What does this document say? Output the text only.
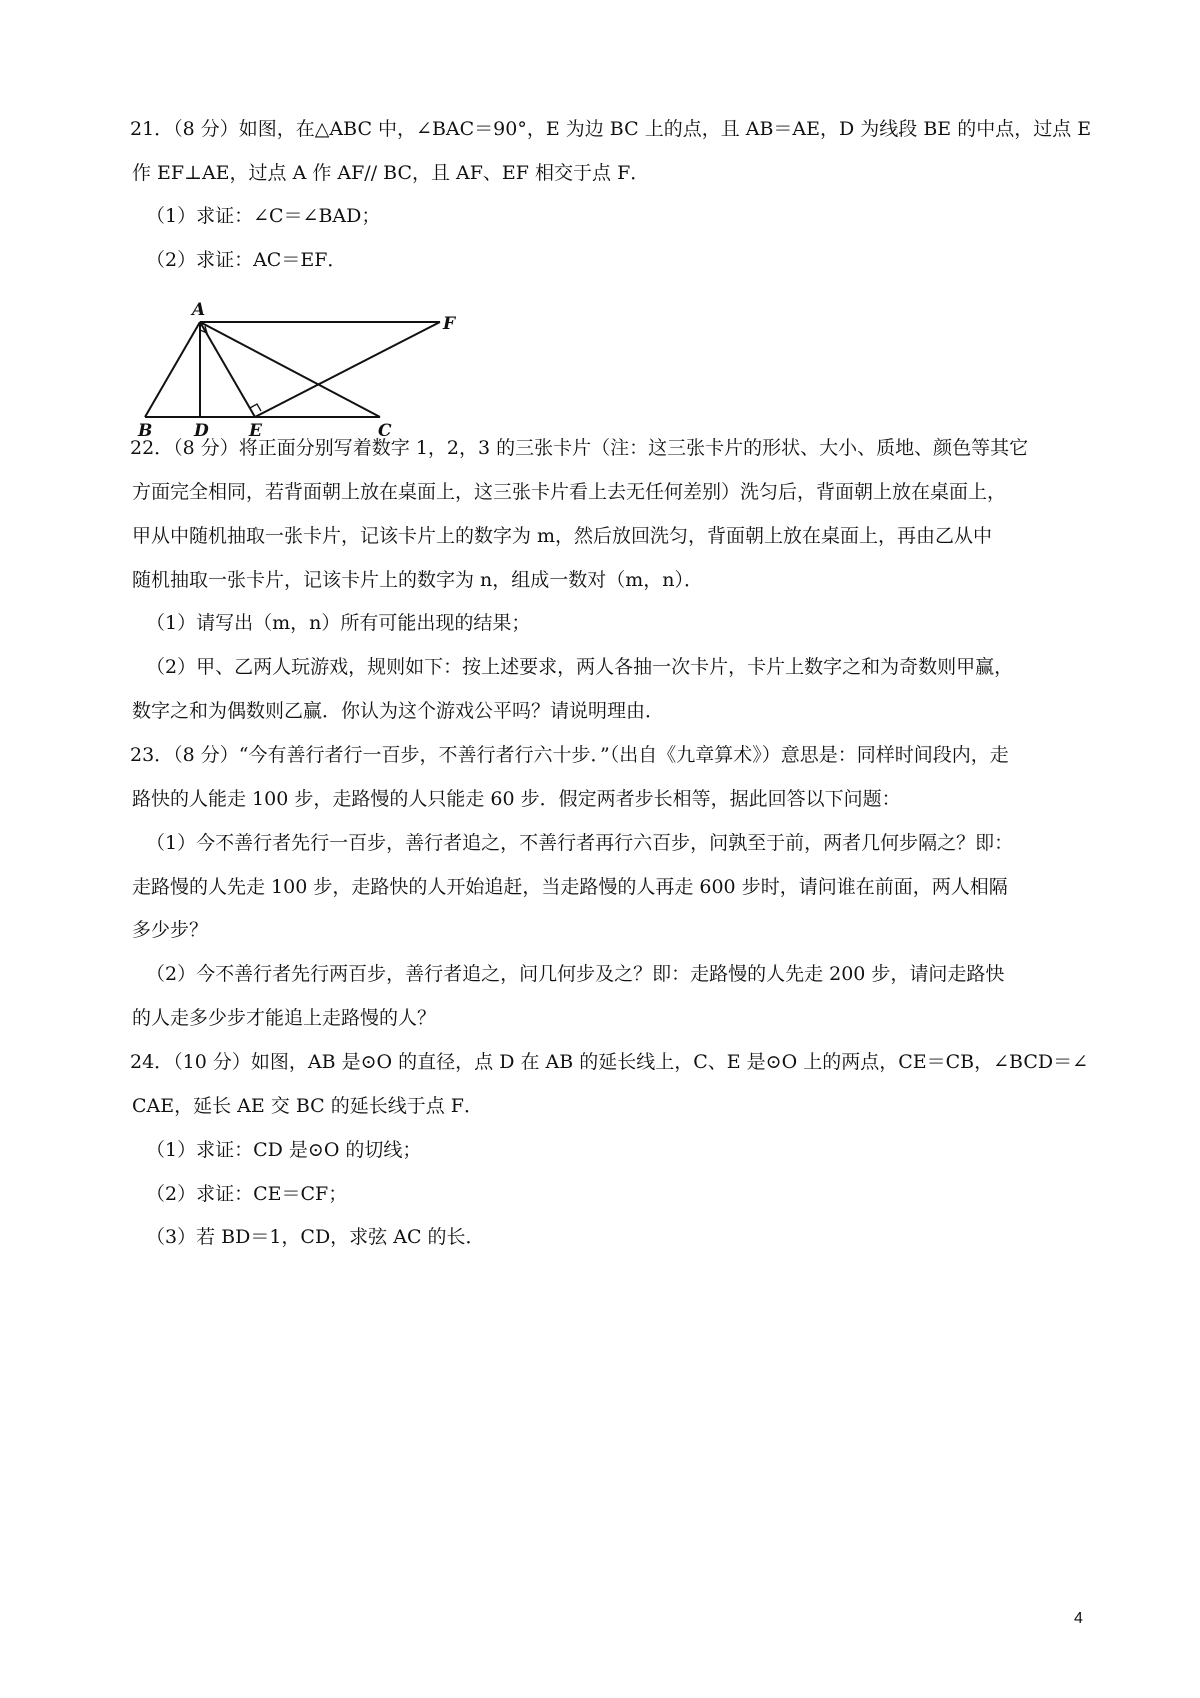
21．（8 分）如图，在△ABC 中，∠BAC＝90°，E 为边 BC 上的点，且 AB＝AE，D 为线段 BE 的中点，过点 E
作 EF⊥AE，过点 A 作 AF// BC，且 AF、EF 相交于点 F．
（1）求证：∠C＝∠BAD；
（2）求证：AC＝EF．
A
F
B D E	C
22．（8 分）将正面分别写着数字 1，2，3 的三张卡片（注：这三张卡片的形状、大小、质地、颜色等其它
方面完全相同，若背面朝上放在桌面上，这三张卡片看上去无任何差别）洗匀后，背面朝上放在桌面上，
甲从中随机抽取一张卡片，记该卡片上的数字为 m，然后放回洗匀，背面朝上放在桌面上，再由乙从中
随机抽取一张卡片，记该卡片上的数字为 n，组成一数对（m，n）．
（1）请写出（m，n）所有可能出现的结果；
（2）甲、乙两人玩游戏，规则如下：按上述要求，两人各抽一次卡片，卡片上数字之和为奇数则甲赢，
数字之和为偶数则乙赢．你认为这个游戏公平吗？请说明理由．
23．（8 分）“今有善行者行一百步，不善行者行六十步．”（出自《九章算术》）意思是：同样时间段内，走
路快的人能走 100 步，走路慢的人只能走 60 步．假定两者步长相等，据此回答以下问题：
（1）今不善行者先行一百步，善行者追之，不善行者再行六百步，问孰至于前，两者几何步隔之？即：
走路慢的人先走 100 步，走路快的人开始追赶，当走路慢的人再走 600 步时，请问谁在前面，两人相隔
多少步？
（2）今不善行者先行两百步，善行者追之，问几何步及之？即：走路慢的人先走 200 步，请问走路快
的人走多少步才能追上走路慢的人？
24．（10 分）如图，AB 是⊙O 的直径，点 D 在 AB 的延长线上，C、E 是⊙O 上的两点，CE＝CB，∠BCD＝∠
CAE，延长 AE 交 BC 的延长线于点 F．
（1）求证：CD 是⊙O 的切线；
（2）求证：CE＝CF；
（3）若 BD＝1，CD，求弦 AC 的长．
4
